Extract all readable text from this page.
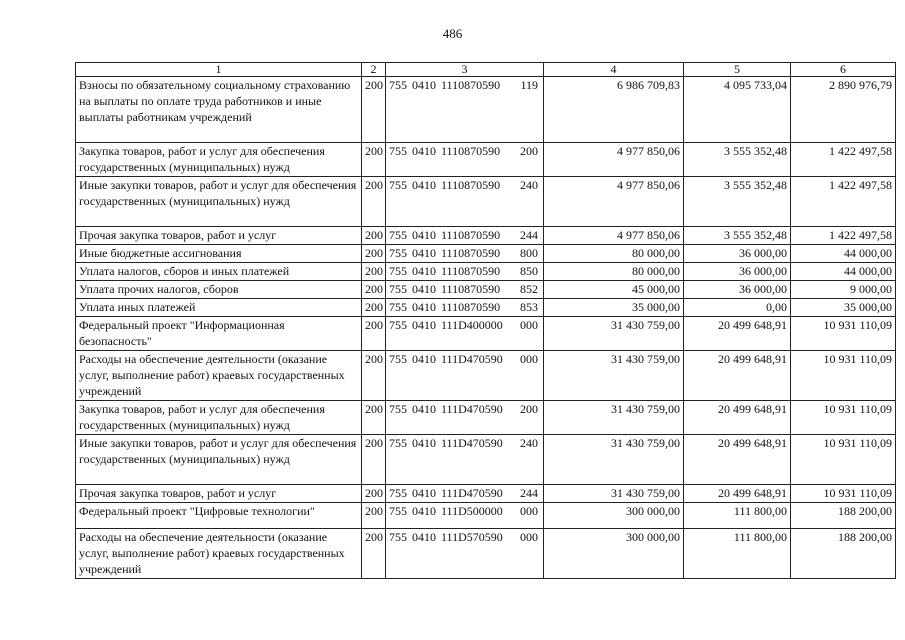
486
1	2	3	4	5	6
Взносы по обязательному социальному страхованию на выплаты по оплате труда работников и иные выплаты работникам учреждений	200	755 0410 1110870590 119	6 986 709,83	4 095 733,04	2 890 976,79
Закупка товаров, работ и услуг для обеспечения государственных (муниципальных) нужд	200	755 0410 1110870590 200	4 977 850,06	3 555 352,48	1 422 497,58
Иные закупки товаров, работ и услуг для обеспечения государственных (муниципальных) нужд	200	755 0410 1110870590 240	4 977 850,06	3 555 352,48	1 422 497,58
Прочая закупка товаров, работ и услуг	200	755 0410 1110870590 244	4 977 850,06	3 555 352,48	1 422 497,58
Иные бюджетные ассигнования	200	755 0410 1110870590 800	80 000,00	36 000,00	44 000,00
Уплата налогов, сборов и иных платежей	200	755 0410 1110870590 850	80 000,00	36 000,00	44 000,00
Уплата прочих налогов, сборов	200	755 0410 1110870590 852	45 000,00	36 000,00	9 000,00
Уплата иных платежей	200	755 0410 1110870590 853	35 000,00	0,00	35 000,00
Федеральный проект "Информационная безопасность"	200	755 0410 111D400000 000	31 430 759,00	20 499 648,91	10 931 110,09
Расходы на обеспечение деятельности (оказание услуг, выполнение работ) краевых государственных учреждений	200	755 0410 111D470590 000	31 430 759,00	20 499 648,91	10 931 110,09
Закупка товаров, работ и услуг для обеспечения государственных (муниципальных) нужд	200	755 0410 111D470590 200	31 430 759,00	20 499 648,91	10 931 110,09
Иные закупки товаров, работ и услуг для обеспечения государственных (муниципальных) нужд	200	755 0410 111D470590 240	31 430 759,00	20 499 648,91	10 931 110,09
Прочая закупка товаров, работ и услуг	200	755 0410 111D470590 244	31 430 759,00	20 499 648,91	10 931 110,09
Федеральный проект "Цифровые технологии"	200	755 0410 111D500000 000	300 000,00	111 800,00	188 200,00
Расходы на обеспечение деятельности (оказание услуг, выполнение работ) краевых государственных учреждений	200	755 0410 111D570590 000	300 000,00	111 800,00	188 200,00
